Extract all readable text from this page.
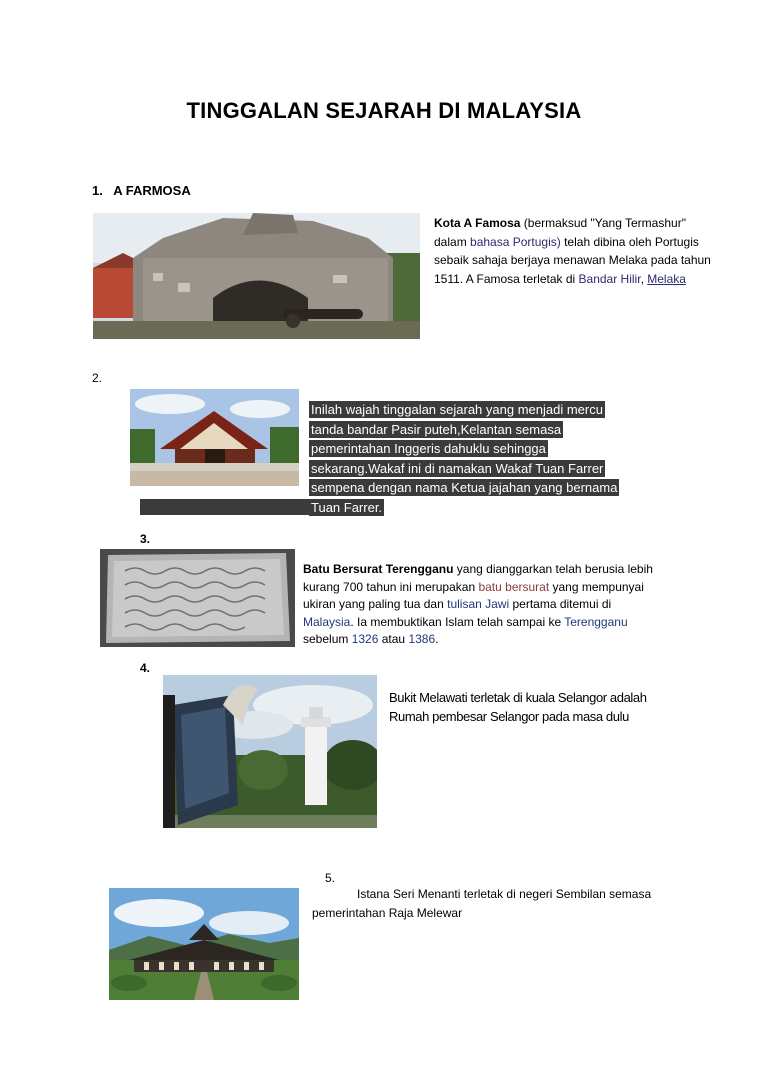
TINGGALAN SEJARAH DI MALAYSIA
1. A FARMOSA
Kota A Famosa (bermaksud "Yang Termashur" dalam bahasa Portugis) telah dibina oleh Portugis sebaik sahaja berjaya menawan Melaka pada tahun 1511. A Famosa terletak di Bandar Hilir, Melaka
2.
Inilah wajah tinggalan sejarah yang menjadi mercu
tanda bandar Pasir puteh,Kelantan semasa
pemerintahan Inggeris dahuklu sehingga
sekarang.Wakaf ini di namakan Wakaf Tuan Farrer
sempena dengan nama Ketua jajahan yang bernama
Tuan Farrer.
3.
Batu Bersurat Terengganu yang dianggarkan telah berusia lebih kurang 700 tahun ini merupakan batu bersurat yang mempunyai ukiran yang paling tua dan tulisan Jawi pertama ditemui di Malaysia. Ia membuktikan Islam telah sampai ke Terengganu sebelum 1326 atau 1386.
4.
Bukit Melawati terletak di kuala Selangor adalah
Rumah pembesar Selangor pada masa dulu
5.
Istana Seri Menanti terletak di negeri Sembilan semasa
pemerintahan Raja Melewar
